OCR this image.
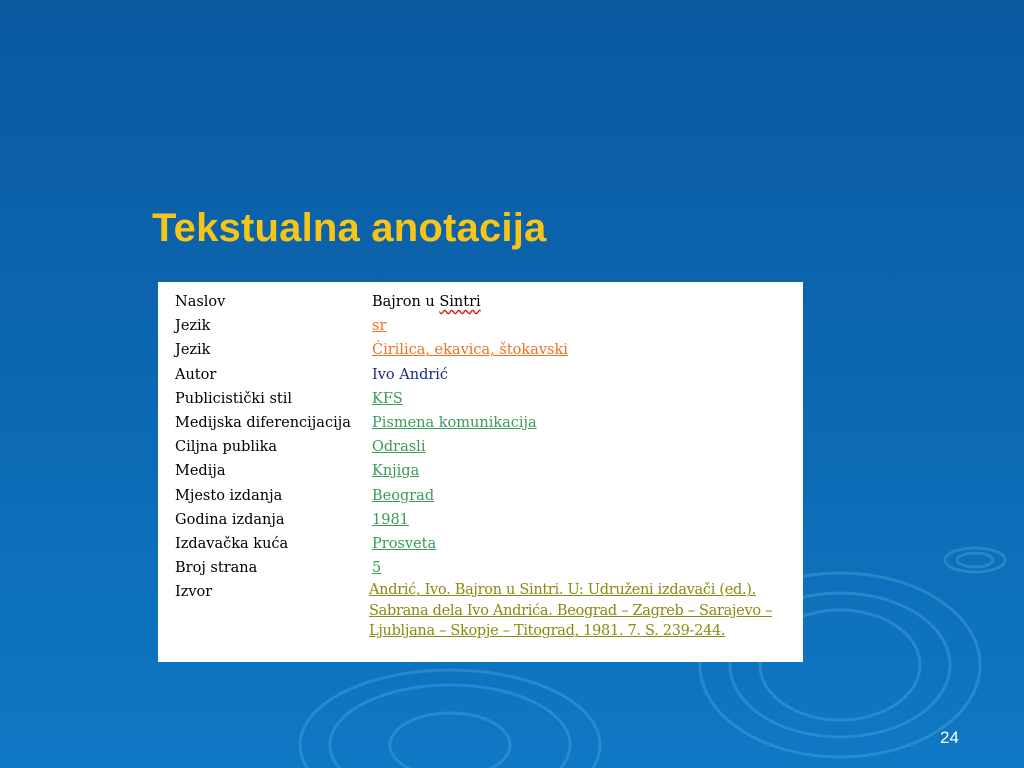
Tekstualna anotacija
Naslov	Bajron u Sintri
Jezik	sr
Jezik	Ćirilica, ekavica, štokavski
Autor	Ivo Andrić
Publicistički stil	KFS
Medijska diferencijacija	Pismena komunikacija
Ciljna publika	Odrasli
Medija	Knjiga
Mjesto izdanja	Beograd
Godina izdanja	1981
Izdavačka kuća	Prosveta
Broj strana	5
Izvor	Andrić, Ivo. Bajron u Sintri. U: Udruženi izdavači (ed.). Sabrana dela Ivo Andrića. Beograd – Zagreb – Sarajevo – Ljubljana – Skopje – Titograd, 1981. 7. S. 239-244.
24
